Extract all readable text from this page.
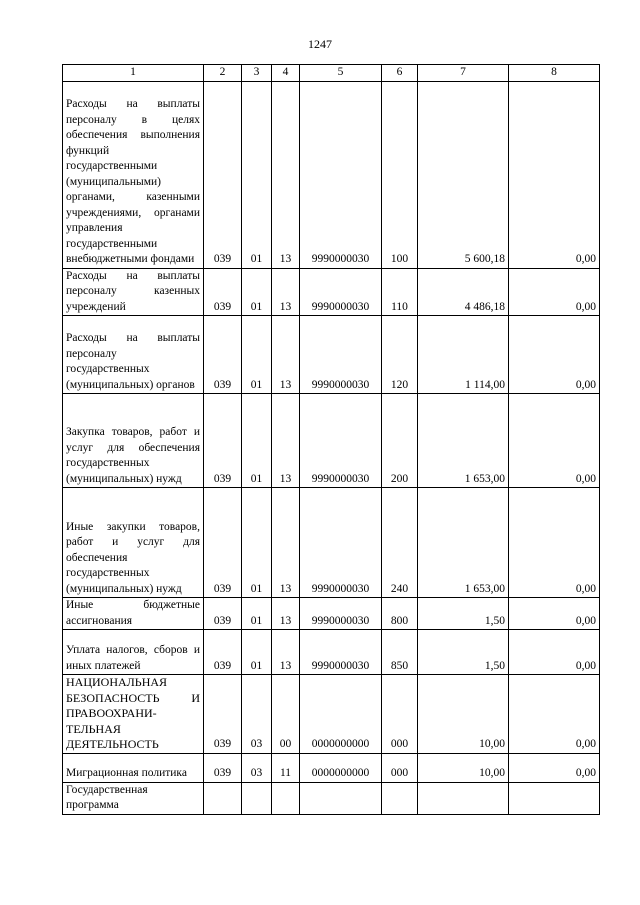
1247
1	2	3	4	5	6	7	8

Расходы на выплаты персоналу в целях обеспечения выполнения функций государственными (муниципальными) органами, казенными учреждениями, органами управления государственными внебюджетными фондами	039	01	13	9990000030	100	5 600,18	0,00

Расходы на выплаты персоналу казенных учреждений	039	01	13	9990000030	110	4 486,18	0,00

Расходы на выплаты персоналу государственных (муниципальных) органов	039	01	13	9990000030	120	1 114,00	0,00

Закупка товаров, работ и услуг для обеспечения государственных (муниципальных) нужд	039	01	13	9990000030	200	1 653,00	0,00

Иные закупки товаров, работ и услуг для обеспечения государственных (муниципальных) нужд	039	01	13	9990000030	240	1 653,00	0,00

Иные бюджетные ассигнования	039	01	13	9990000030	800	1,50	0,00

Уплата налогов, сборов и иных платежей	039	01	13	9990000030	850	1,50	0,00

НАЦИОНАЛЬНАЯ БЕЗОПАСНОСТЬ И ПРАВООХРАНИ-ТЕЛЬНАЯ ДЕЯТЕЛЬНОСТЬ	039	03	00	0000000000	000	10,00	0,00

Миграционная политика	039	03	11	0000000000	000	10,00	0,00

Государственная программа							
